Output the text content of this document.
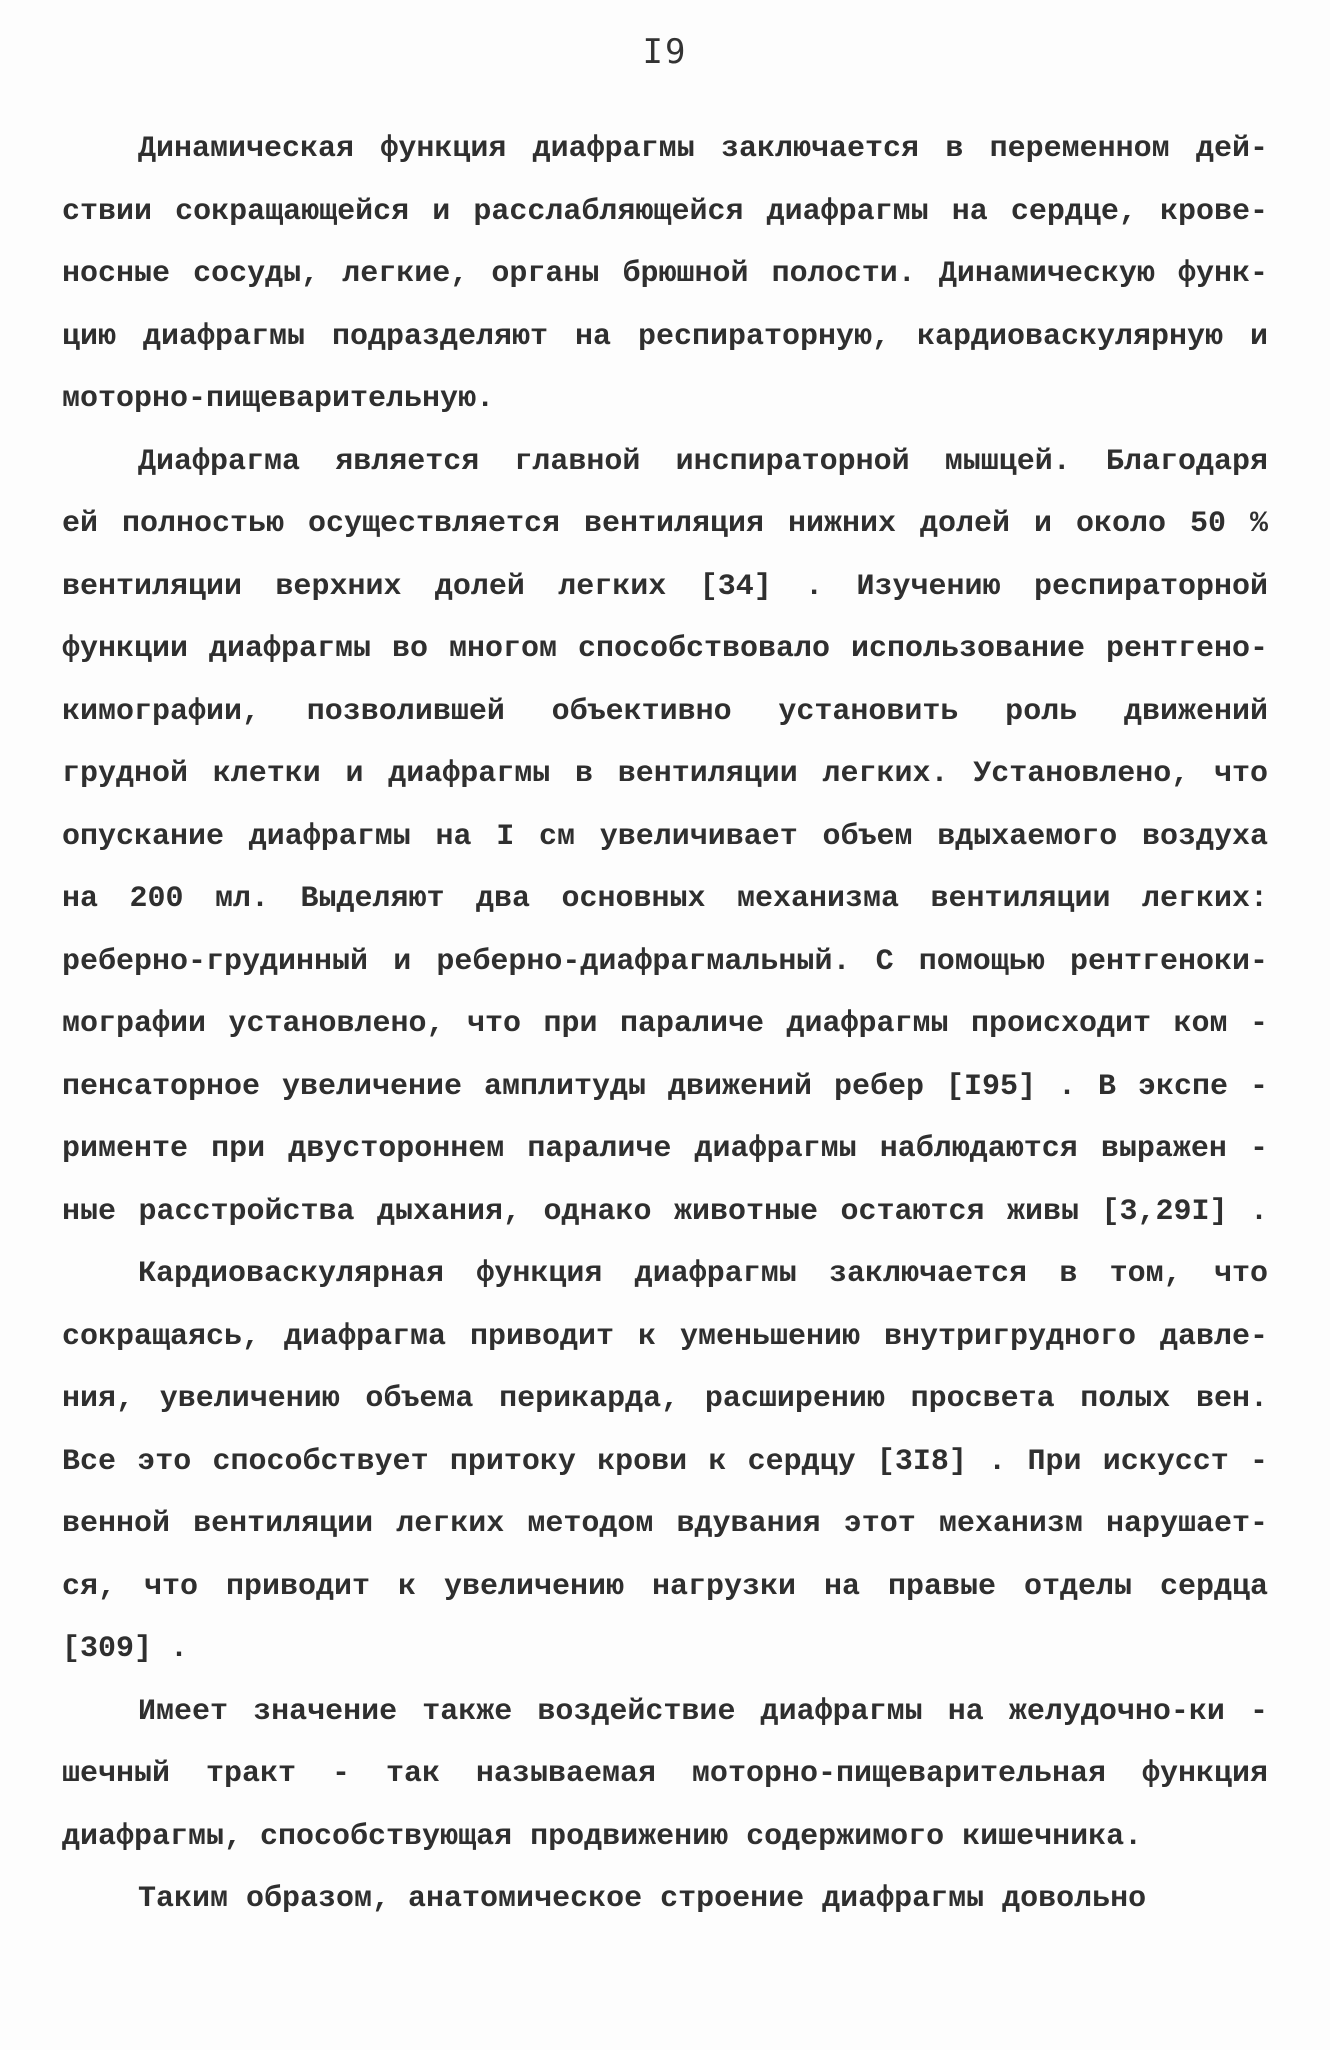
I9
Динамическая функция диафрагмы заключается в переменном дей-
ствии сокращающейся и расслабляющейся диафрагмы на сердце, крове-
носные сосуды, легкие, органы брюшной полости. Динамическую функ-
цию диафрагмы подразделяют на респираторную, кардиоваскулярную и
моторно-пищеварительную.
Диафрагма является главной инспираторной мышцей. Благодаря
ей полностью осуществляется вентиляция нижних долей и около 50 %
вентиляции верхних долей легких [34] . Изучению респираторной
функции диафрагмы во многом способствовало использование рентгено-
кимографии, позволившей объективно установить роль движений
грудной клетки и диафрагмы в вентиляции легких. Установлено, что
опускание диафрагмы на I см увеличивает объем вдыхаемого воздуха
на 200 мл. Выделяют два основных механизма вентиляции легких:
реберно-грудинный и реберно-диафрагмальный. С помощью рентгеноки-
мографии установлено, что при параличе диафрагмы происходит ком -
пенсаторное увеличение амплитуды движений ребер [I95] . В экспе -
рименте при двустороннем параличе диафрагмы наблюдаются выражен -
ные расстройства дыхания, однако животные остаются живы [3,29I] .
Кардиоваскулярная функция диафрагмы заключается в том, что
сокращаясь, диафрагма приводит к уменьшению внутригрудного давле-
ния, увеличению объема перикарда, расширению просвета полых вен.
Все это способствует притоку крови к сердцу [3I8] . При искусст -
венной вентиляции легких методом вдувания этот механизм нарушает-
ся, что приводит к увеличению нагрузки на правые отделы сердца
[309] .
Имеет значение также воздействие диафрагмы на желудочно-ки -
шечный тракт - так называемая моторно-пищеварительная функция
диафрагмы, способствующая продвижению содержимого кишечника.
Таким образом, анатомическое строение диафрагмы довольно
